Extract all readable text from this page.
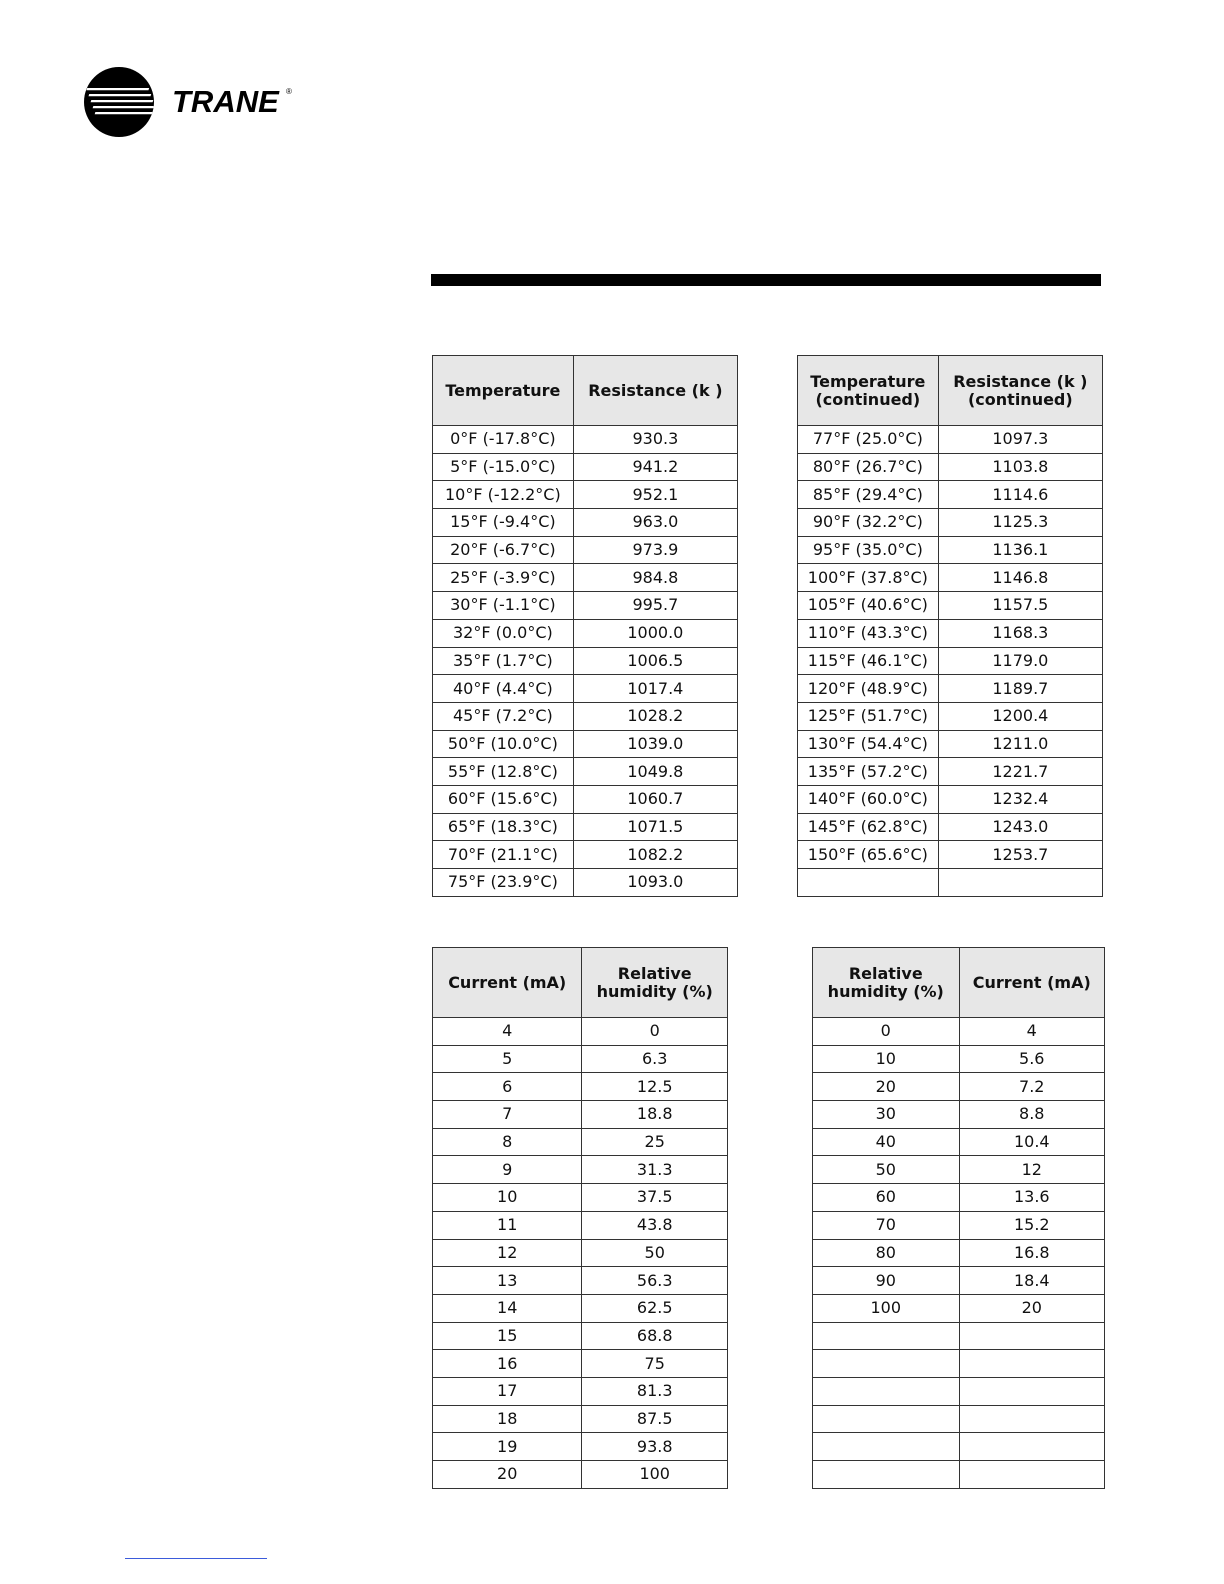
TRANE ®
Temperature	Resistance (k )
0°F (-17.8°C)	930.3
5°F (-15.0°C)	941.2
10°F (-12.2°C)	952.1
15°F (-9.4°C)	963.0
20°F (-6.7°C)	973.9
25°F (-3.9°C)	984.8
30°F (-1.1°C)	995.7
32°F (0.0°C)	1000.0
35°F (1.7°C)	1006.5
40°F (4.4°C)	1017.4
45°F (7.2°C)	1028.2
50°F (10.0°C)	1039.0
55°F (12.8°C)	1049.8
60°F (15.6°C)	1060.7
65°F (18.3°C)	1071.5
70°F (21.1°C)	1082.2
75°F (23.9°C)	1093.0
Temperature
(continued)	Resistance (k )
(continued)
77°F (25.0°C)	1097.3
80°F (26.7°C)	1103.8
85°F (29.4°C)	1114.6
90°F (32.2°C)	1125.3
95°F (35.0°C)	1136.1
100°F (37.8°C)	1146.8
105°F (40.6°C)	1157.5
110°F (43.3°C)	1168.3
115°F (46.1°C)	1179.0
120°F (48.9°C)	1189.7
125°F (51.7°C)	1200.4
130°F (54.4°C)	1211.0
135°F (57.2°C)	1221.7
140°F (60.0°C)	1232.4
145°F (62.8°C)	1243.0
150°F (65.6°C)	1253.7

Current (mA)	Relative
humidity (%)
4	0
5	6.3
6	12.5
7	18.8
8	25
9	31.3
10	37.5
11	43.8
12	50
13	56.3
14	62.5
15	68.8
16	75
17	81.3
18	87.5
19	93.8
20	100
Relative
humidity (%)	Current (mA)
0	4
10	5.6
20	7.2
30	8.8
40	10.4
50	12
60	13.6
70	15.2
80	16.8
90	18.4
100	20
